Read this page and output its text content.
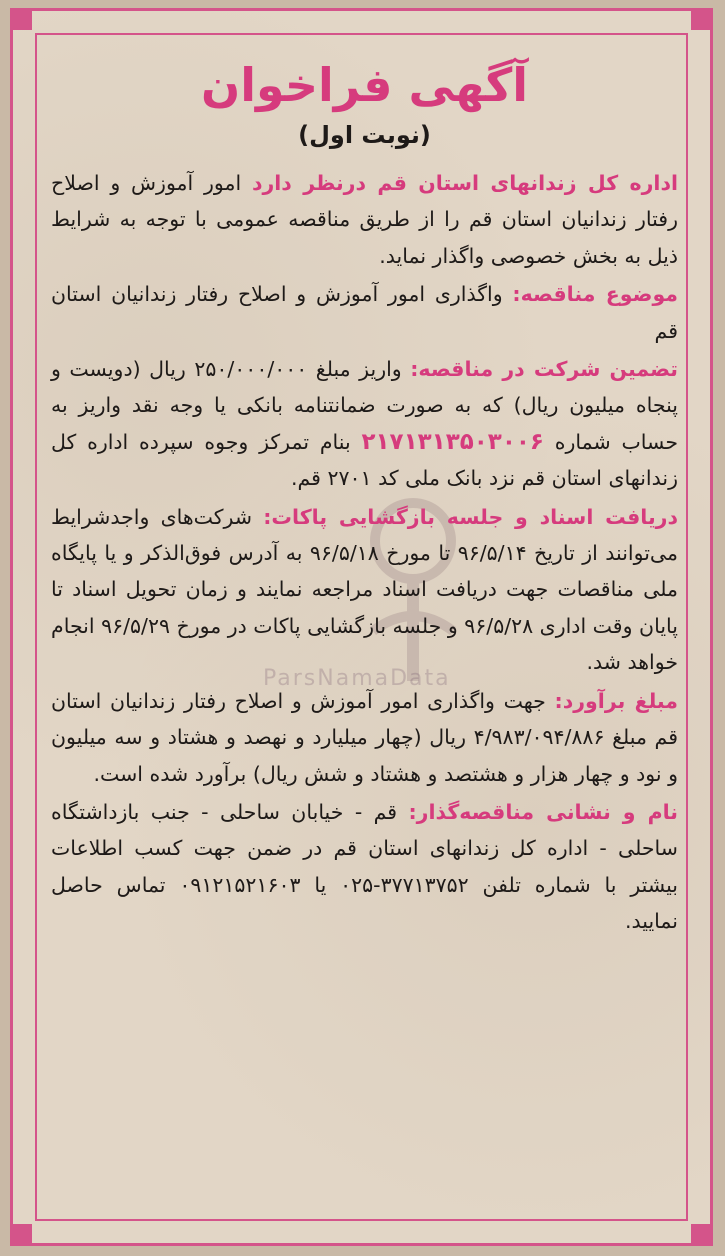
ParsNamaData
آگهی فراخوان
(نوبت اول)

اداره کل زندانهای استان قم درنظر دارد امور آموزش و اصلاح رفتار زندانیان استان قم را از طریق مناقصه عمومی با توجه به شرایط ذیل به بخش خصوصی واگذار نماید.

موضوع مناقصه: واگذاری امور آموزش و اصلاح رفتار زندانیان استان قم

تضمین شرکت در مناقصه: واریز مبلغ ۲۵۰/۰۰۰/۰۰۰ ریال (دویست و پنجاه میلیون ریال) که به صورت ضمانتنامه بانکی یا وجه نقد واریز به حساب شماره ۲۱۷۱۳۱۳۵۰۳۰۰۶ بنام تمرکز وجوه سپرده اداره کل زندانهای استان قم نزد بانک ملی کد ۲۷۰۱ قم.

دریافت اسناد و جلسه بازگشایی پاکات: شرکت‌های واجدشرایط می‌توانند از تاریخ ۹۶/۵/۱۴ تا مورخ ۹۶/۵/۱۸ به آدرس فوق‌الذکر و یا پایگاه ملی مناقصات جهت دریافت اسناد مراجعه نمایند و زمان تحویل اسناد تا پایان وقت اداری ۹۶/۵/۲۸ و جلسه بازگشایی پاکات در مورخ ۹۶/۵/۲۹ انجام خواهد شد.

مبلغ برآورد: جهت واگذاری امور آموزش و اصلاح رفتار زندانیان استان قم مبلغ ۴/۹۸۳/۰۹۴/۸۸۶ ریال (چهار میلیارد و نهصد و هشتاد و سه میلیون و نود و چهار هزار و هشتصد و هشتاد و شش ریال) برآورد شده است.

نام و نشانی مناقصه‌گذار: قم - خیابان ساحلی - جنب بازداشتگاه ساحلی - اداره کل زندانهای استان قم در ضمن جهت کسب اطلاعات بیشتر با شماره تلفن ۳۷۷۱۳۷۵۲-۰۲۵ یا ۰۹۱۲۱۵۲۱۶۰۳ تماس حاصل نمایید.
